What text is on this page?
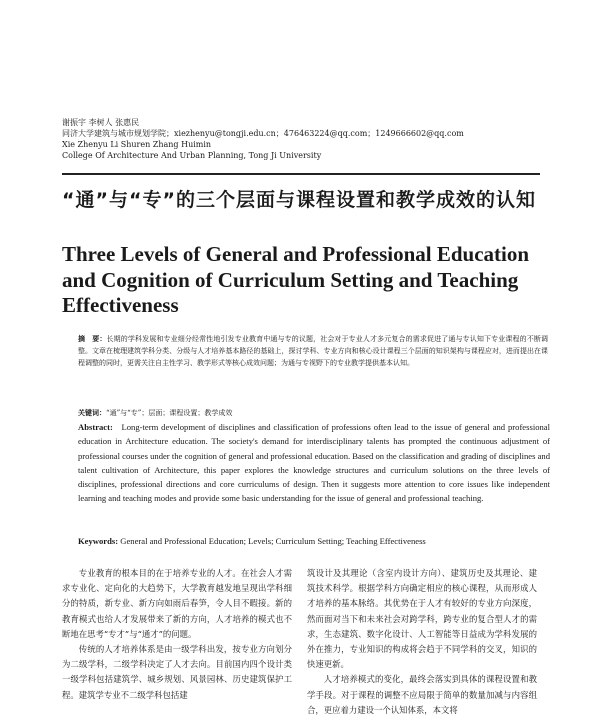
谢振宇 李树人 张惠民
同济大学建筑与城市规划学院；xiezhenyu@tongji.edu.cn；476463224@qq.com；1249666602@qq.com
Xie Zhenyu Li Shuren Zhang Huimin
College Of Architecture And Urban Planning, Tong Ji University
“通”与“专”的三个层面与课程设置和教学成效的认知
Three Levels of General and Professional Education and Cognition of Curriculum Setting and Teaching Effectiveness
摘　要：长期的学科发展和专业细分经常性地引发专业教育中通与专的议题，社会对于专业人才多元复合的需求促进了通与专认知下专业课程的不断调整。文章在梳理建筑学科分类、分级与人才培养基本路径的基础上，探讨学科、专业方向和核心设计课程三个层面的知识架构与课程应对，进而提出在课程调整的同时，更需关注自主性学习、教学形式等核心成效问题；为通与专视野下的专业教学提供基本认知。
关键词：“通”与“专”；层面；课程设置；教学成效
Abstract: Long-term development of disciplines and classification of professions often lead to the issue of general and professional education in Architecture education. The society's demand for interdisciplinary talents has prompted the continuous adjustment of professional courses under the cognition of general and professional education. Based on the classification and grading of disciplines and talent cultivation of Architecture, this paper explores the knowledge structures and curriculum solutions on the three levels of disciplines, professional directions and core curriculums of design. Then it suggests more attention to core issues like independent learning and teaching modes and provide some basic understanding for the issue of general and professional teaching.
Keywords: General and Professional Education; Levels; Curriculum Setting; Teaching Effectiveness

专业教育的根本目的在于培养专业的人才。在社会人才需求专业化、定向化的大趋势下，大学教育越发地呈现出学科细分的特质，新专业、新方向如雨后春笋，令人目不暇接。新的教育模式也给人才发展带来了新的方向，人才培养的模式也不断地在思考“专才”与“通才”的问题。

传统的人才培养体系是由一级学科出发，按专业方向划分为二级学科，二级学科决定了人才去向。目前国内四个设计类一级学科包括建筑学、城乡规划、风景园林、历史建筑保护工程。建筑学专业不二级学科包括建

筑设计及其理论（含室内设计方向）、建筑历史及其理论、建筑技术科学。根据学科方向确定相应的核心课程，从而形成人才培养的基本脉络。其优势在于人才有较好的专业方向深度，然而面对当下和未来社会对跨学科，跨专业的复合型人才的需求，生态建筑、数字化设计、人工智能等日益成为学科发展的外在推力，专业知识的构成将会趋于不同学科的交叉，知识的快速更新。

人才培养模式的变化，最终会落实到具体的课程设置和教学手段。对于课程的调整不应局限于简单的数量加减与内容组合，更应着力建设一个认知体系，本文将
